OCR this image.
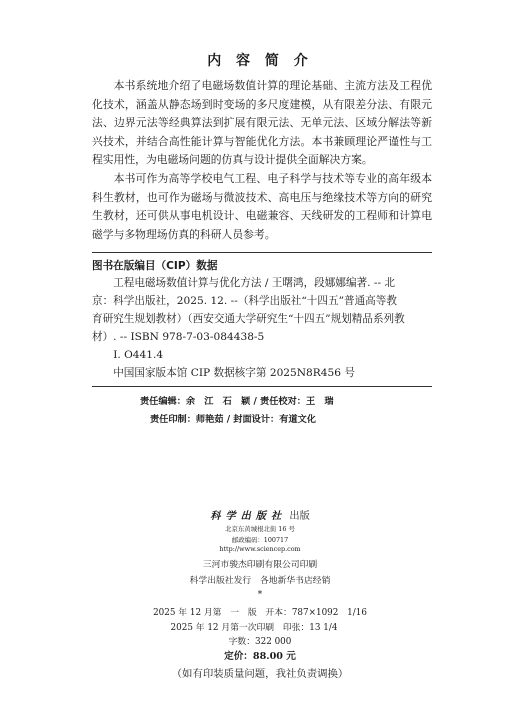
内 容 简 介

本书系统地介绍了电磁场数值计算的理论基础、主流方法及工程优化技术，涵盖从静态场到时变场的多尺度建模，从有限差分法、有限元法、边界元法等经典算法到扩展有限元法、无单元法、区域分解法等新兴技术，并结合高性能计算与智能优化方法。本书兼顾理论严谨性与工程实用性，为电磁场问题的仿真与设计提供全面解决方案。

本书可作为高等学校电气工程、电子科学与技术等专业的高年级本科生教材，也可作为磁场与微波技术、高电压与绝缘技术等方向的研究生教材，还可供从事电机设计、电磁兼容、天线研发的工程师和计算电磁学与多物理场仿真的科研人员参考。

图书在版编目（CIP）数据
工程电磁场数值计算与优化方法 / 王曙鸿，段娜娜编著. -- 北
京：科学出版社，2025. 12. --（科学出版社“十四五”普通高等教
育研究生规划教材）（西安交通大学研究生“十四五”规划精品系列教
材）. -- ISBN 978-7-03-084438-5
Ⅰ. O441.4
中国国家版本馆 CIP 数据核字第 2025N8R456 号
责任编辑：余　江　石　颖 / 责任校对：王　瑞
责任印制：师艳茹 / 封面设计：有道文化
科学出版社 出版
北京东黄城根北街 16 号
邮政编码：100717
http://www.sciencep.com
三河市骏杰印刷有限公司印刷
科学出版社发行　各地新华书店经销
*
2025 年 12 月第　一　版　开本：787×1092　1/16
2025 年 12 月第一次印刷　印张：13 1/4
字数：322 000
定价：88.00 元
（如有印装质量问题，我社负责调换）
